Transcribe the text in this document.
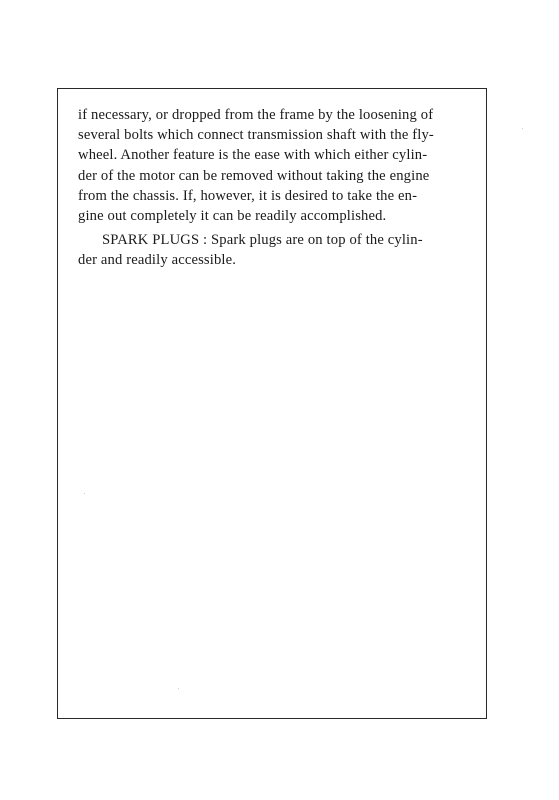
if necessary, or dropped from the frame by the loosening of
several bolts which connect transmission shaft with the fly-
wheel. Another feature is the ease with which either cylin-
der of the motor can be removed without taking the engine
from the chassis. If, however, it is desired to take the en-
gine out completely it can be readily accomplished.
SPARK PLUGS : Spark plugs are on top of the cylin-
der and readily accessible.
